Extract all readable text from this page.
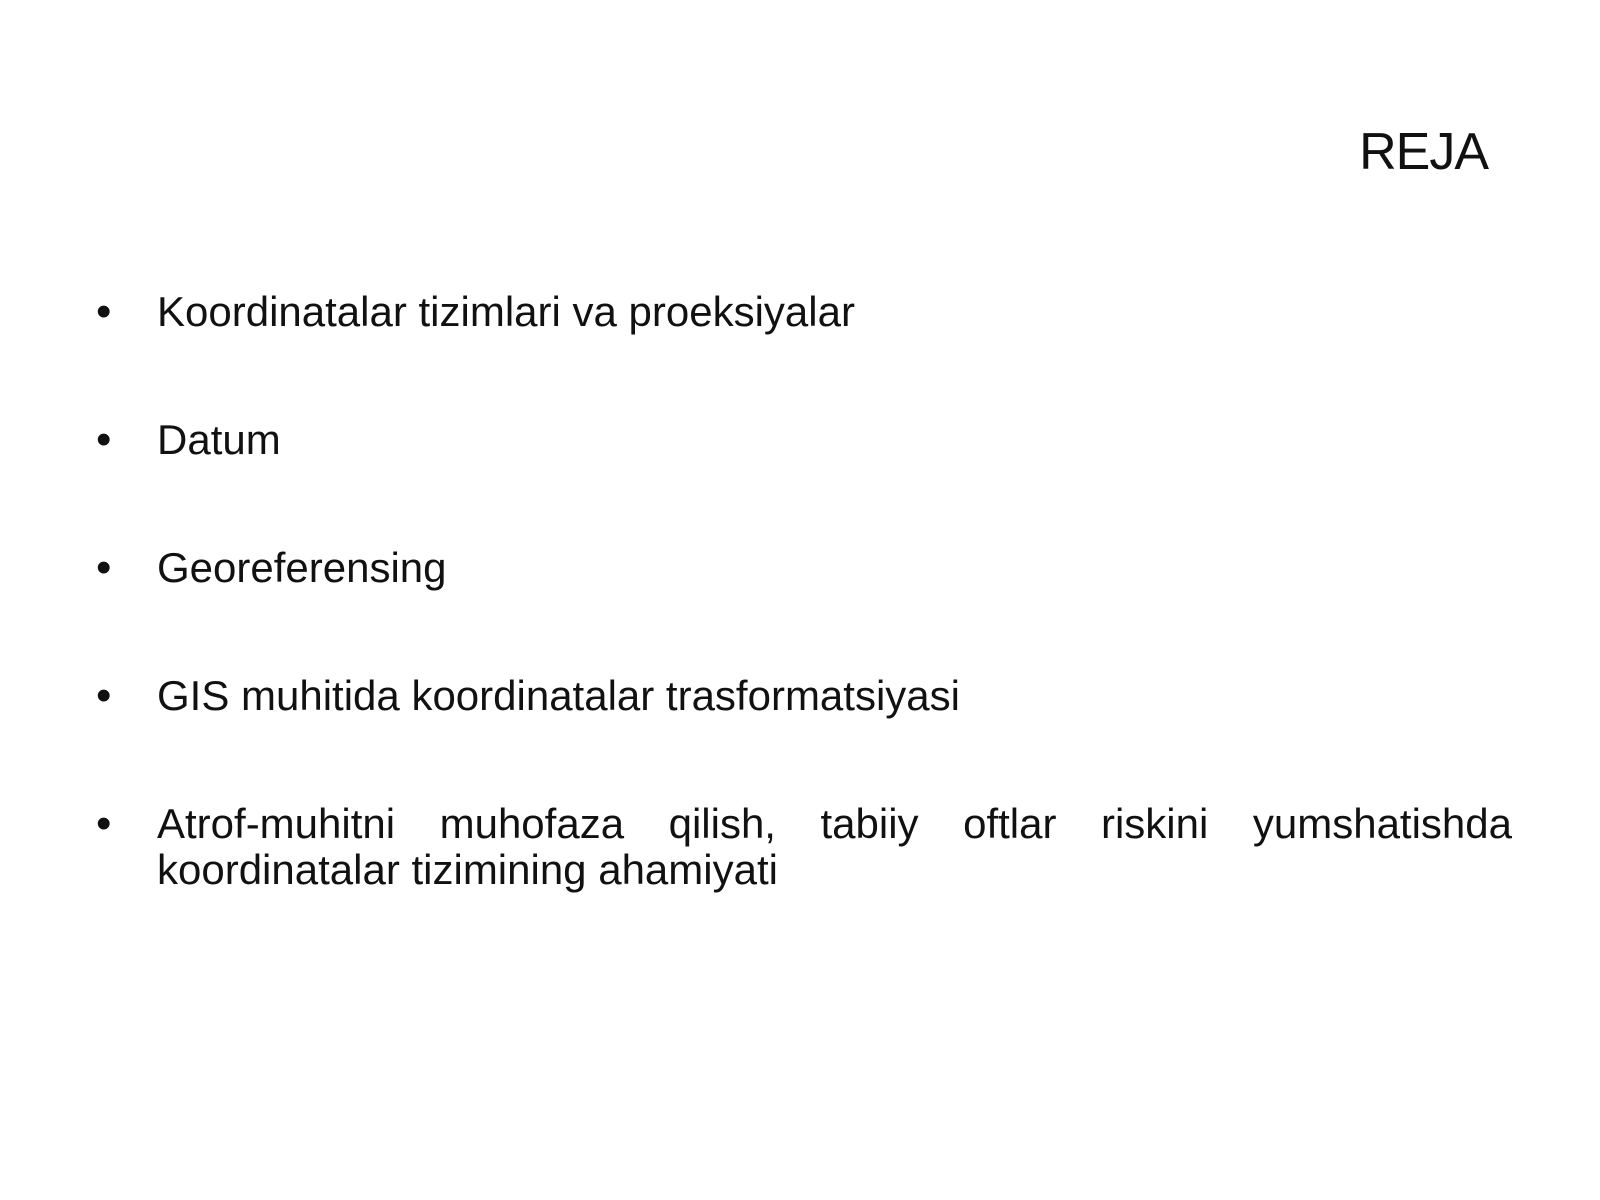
REJA
• Koordinatalar tizimlari va proeksiyalar
• Datum
• Georeferensing
• GIS muhitida koordinatalar trasformatsiyasi
• Atrof-muhitni muhofaza qilish, tabiiy oftlar riskini yumshatishda koordinatalar tizimining ahamiyati
